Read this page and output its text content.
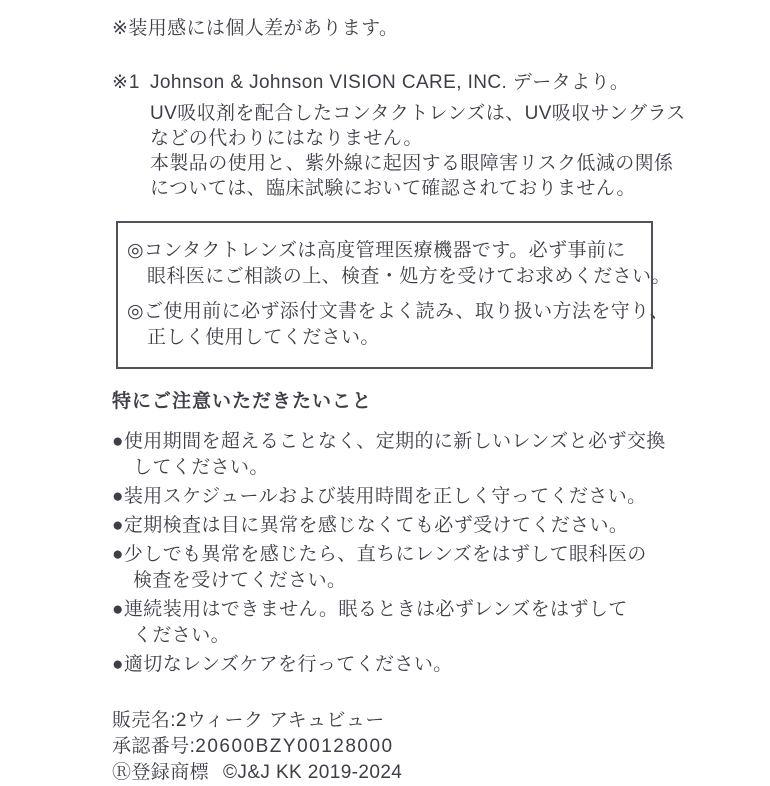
※装用感には個人差があります。
※1 Johnson & Johnson VISION CARE, INC. データより。
UV吸収剤を配合したコンタクトレンズは、UV吸収サングラス
などの代わりにはなりません。
本製品の使用と、紫外線に起因する眼障害リスク低減の関係
については、臨床試験において確認されておりません。
◎コンタクトレンズは高度管理医療機器です。必ず事前に
眼科医にご相談の上、検査・処方を受けてお求めください。
◎ご使用前に必ず添付文書をよく読み、取り扱い方法を守り、
正しく使用してください。
特にご注意いただきたいこと
●使用期間を超えることなく、定期的に新しいレンズと必ず交換
してください。
●装用スケジュールおよび装用時間を正しく守ってください。
●定期検査は目に異常を感じなくても必ず受けてください。
●少しでも異常を感じたら、直ちにレンズをはずして眼科医の
検査を受けてください。
●連続装用はできません。眠るときは必ずレンズをはずして
ください。
●適切なレンズケアを行ってください。
販売名:2ウィーク アキュビュー
承認番号:20600BZY00128000
Ⓡ登録商標 ©J&J KK 2019-2024
